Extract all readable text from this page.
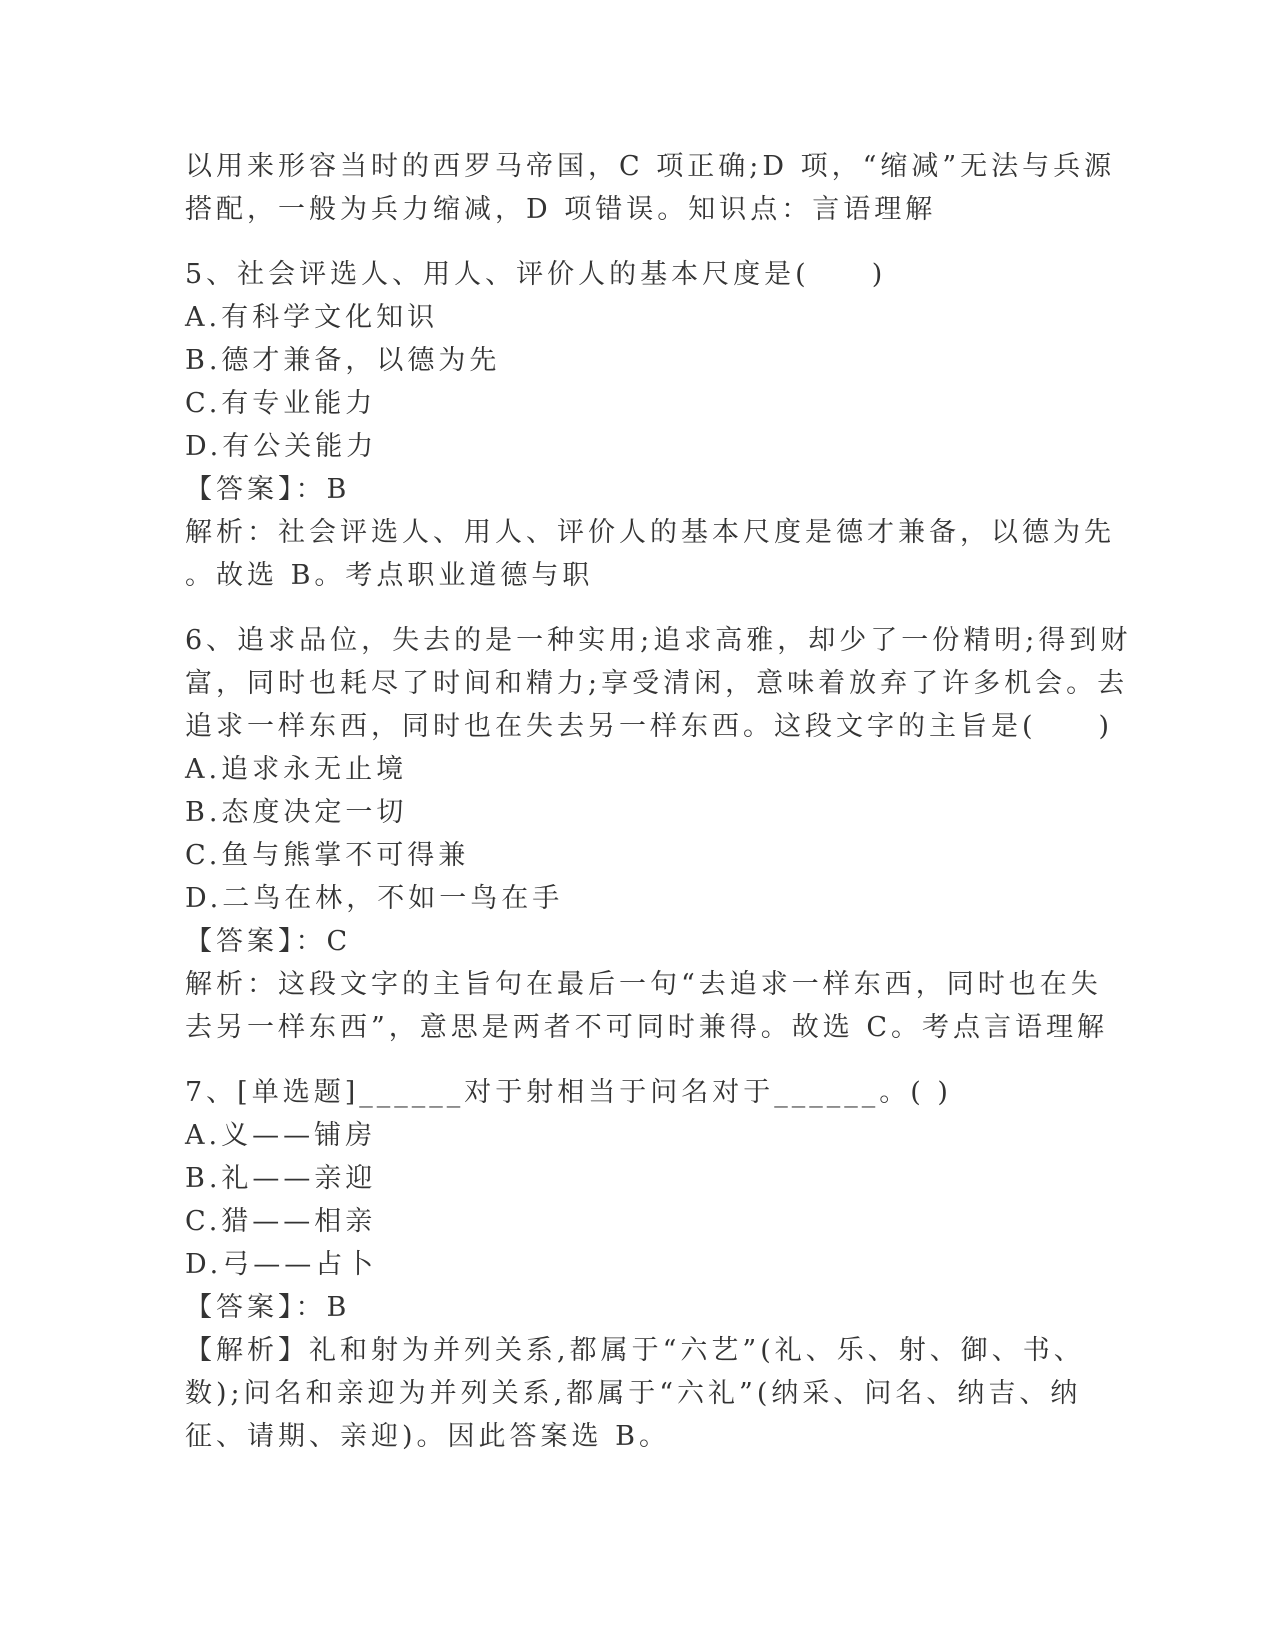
以用来形容当时的西罗马帝国，C 项正确;D 项，“缩减”无法与兵源
搭配，一般为兵力缩减，D 项错误。知识点：言语理解
5、社会评选人、用人、评价人的基本尺度是(　　)
A.有科学文化知识
B.德才兼备，以德为先
C.有专业能力
D.有公关能力
【答案】：B
解析：社会评选人、用人、评价人的基本尺度是德才兼备，以德为先
。故选 B。考点职业道德与职
6、追求品位，失去的是一种实用;追求高雅，却少了一份精明;得到财
富，同时也耗尽了时间和精力;享受清闲，意味着放弃了许多机会。去
追求一样东西，同时也在失去另一样东西。这段文字的主旨是(　　)
A.追求永无止境
B.态度决定一切
C.鱼与熊掌不可得兼
D.二鸟在林，不如一鸟在手
【答案】：C
解析：这段文字的主旨句在最后一句“去追求一样东西，同时也在失
去另一样东西”，意思是两者不可同时兼得。故选 C。考点言语理解
7、[单选题]______对于射相当于问名对于______。( )
A.义——铺房
B.礼——亲迎
C.猎——相亲
D.弓——占卜
【答案】：B
【解析】礼和射为并列关系,都属于“六艺”(礼、乐、射、御、书、
数);问名和亲迎为并列关系,都属于“六礼”(纳采、问名、纳吉、纳
征、请期、亲迎)。因此答案选 B。
